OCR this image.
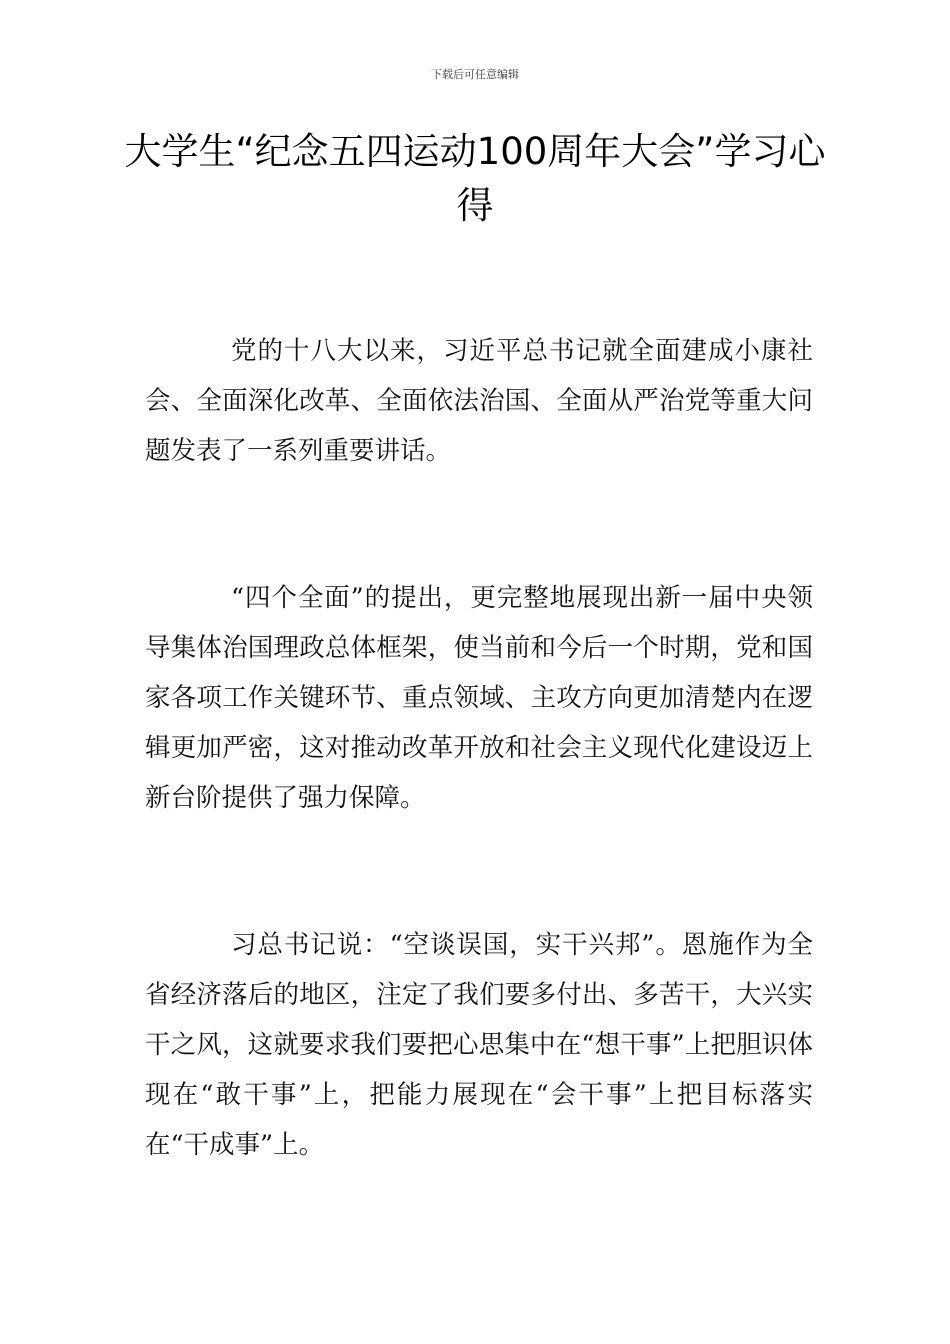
下载后可任意编辑
大学生“纪念五四运动100周年大会”学习心得
党的十八大以来，习近平总书记就全面建成小康社会、全面深化改革、全面依法治国、全面从严治党等重大问题发表了一系列重要讲话。
“四个全面”的提出，更完整地展现出新一届中央领导集体治国理政总体框架，使当前和今后一个时期，党和国家各项工作关键环节、重点领域、主攻方向更加清楚内在逻辑更加严密，这对推动改革开放和社会主义现代化建设迈上新台阶提供了强力保障。
习总书记说：“空谈误国，实干兴邦”。恩施作为全省经济落后的地区，注定了我们要多付出、多苦干，大兴实干之风，这就要求我们要把心思集中在“想干事”上把胆识体现在“敢干事”上，把能力展现在“会干事”上把目标落实在“干成事”上。
